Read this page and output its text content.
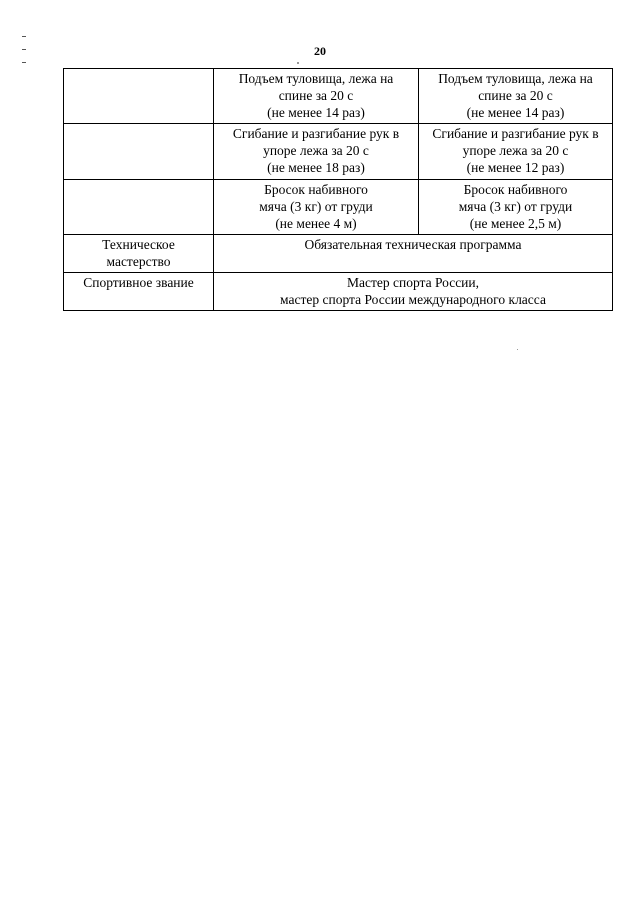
20

	Подъем туловища, лежа на
спине за 20 с
(не менее 14 раз)	Подъем туловища, лежа на
спине за 20 с
(не менее 14 раз)

	Сгибание и разгибание рук в
упоре лежа за 20 с
(не менее 18 раз)	Сгибание и разгибание рук в
упоре лежа за 20 с
(не менее 12 раз)

	Бросок набивного
мяча (3 кг) от груди
(не менее 4 м)	Бросок набивного
мяча (3 кг) от груди
(не менее 2,5 м)

Техническое
мастерство	Обязательная техническая программа	

Спортивное звание	Мастер спорта России,
мастер спорта России международного класса	
